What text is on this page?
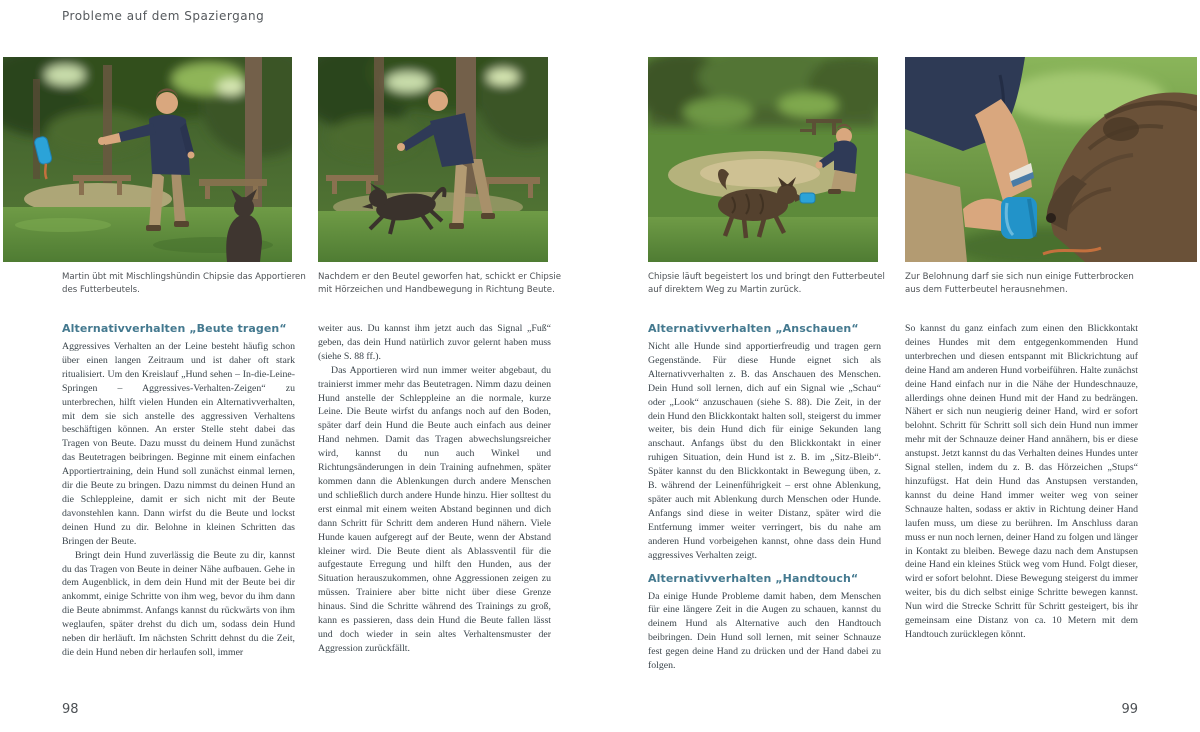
Probleme auf dem Spaziergang
Martin übt mit Mischlingshündin Chipsie das Apportieren des Futterbeutels.
Nachdem er den Beutel geworfen hat, schickt er Chipsie mit Hörzeichen und Handbewegung in Richtung Beute.
Chipsie läuft begeistert los und bringt den Futterbeutel auf direktem Weg zu Martin zurück.
Zur Belohnung darf sie sich nun einige Futterbrocken aus dem Futterbeutel herausnehmen.
Alternativverhalten „Beute tragen“

Aggressives Verhalten an der Leine besteht häufig schon über einen langen Zeitraum und ist daher oft stark ritualisiert. Um den Kreislauf „Hund sehen – In-die-Leine-Springen – Aggressives-Verhalten-Zeigen“ zu unterbrechen, hilft vielen Hunden ein Alternativverhalten, mit dem sie sich anstelle des aggressiven Verhaltens beschäftigen können. An erster Stelle steht dabei das Tragen von Beute. Dazu musst du deinem Hund zunächst das Beutetragen beibringen. Beginne mit einem einfachen Apportiertraining, dein Hund soll zunächst einmal lernen, dir die Beute zu bringen. Dazu nimmst du deinen Hund an die Schleppleine, damit er sich nicht mit der Beute davonstehlen kann. Dann wirfst du die Beute und lockst deinen Hund zu dir. Belohne in kleinen Schritten das Bringen der Beute.

Bringt dein Hund zuverlässig die Beute zu dir, kannst du das Tragen von Beute in deiner Nähe aufbauen. Gehe in dem Augenblick, in dem dein Hund mit der Beute bei dir ankommt, einige Schritte von ihm weg, bevor du ihm dann die Beute abnimmst. Anfangs kannst du rückwärts von ihm weglaufen, später drehst du dich um, sodass dein Hund neben dir herläuft. Im nächsten Schritt dehnst du die Zeit, die dein Hund neben dir herlaufen soll, immer

weiter aus. Du kannst ihm jetzt auch das Signal „Fuß“ geben, das dein Hund natürlich zuvor gelernt haben muss (siehe S. 88 ff.).

Das Apportieren wird nun immer weiter abgebaut, du trainierst immer mehr das Beutetragen. Nimm dazu deinen Hund anstelle der Schleppleine an die normale, kurze Leine. Die Beute wirfst du anfangs noch auf den Boden, später darf dein Hund die Beute auch einfach aus deiner Hand nehmen. Damit das Tragen abwechslungsreicher wird, kannst du nun auch Winkel und Richtungsänderungen in dein Training aufnehmen, später kommen dann die Ablenkungen durch andere Menschen und schließlich durch andere Hunde hinzu. Hier solltest du erst einmal mit einem weiten Abstand beginnen und dich dann Schritt für Schritt dem anderen Hund nähern. Viele Hunde kauen aufgeregt auf der Beute, wenn der Abstand kleiner wird. Die Beute dient als Ablassventil für die aufgestaute Erregung und hilft den Hunden, aus der Situation herauszukommen, ohne Aggressionen zeigen zu müssen. Trainiere aber bitte nicht über diese Grenze hinaus. Sind die Schritte während des Trainings zu groß, kann es passieren, dass dein Hund die Beute fallen lässt und doch wieder in sein altes Verhaltensmuster der Aggression zurückfällt.

Alternativverhalten „Anschauen“

Nicht alle Hunde sind apportierfreudig und tragen gern Gegenstände. Für diese Hunde eignet sich als Alternativverhalten z. B. das Anschauen des Menschen. Dein Hund soll lernen, dich auf ein Signal wie „Schau“ oder „Look“ anzuschauen (siehe S. 88). Die Zeit, in der dein Hund den Blickkontakt halten soll, steigerst du immer weiter, bis dein Hund dich für einige Sekunden lang anschaut. Anfangs übst du den Blickkontakt in einer ruhigen Situation, dein Hund ist z. B. im „Sitz-Bleib“. Später kannst du den Blickkontakt in Bewegung üben, z. B. während der Leinenführigkeit – erst ohne Ablenkung, später auch mit Ablenkung durch Menschen oder Hunde. Anfangs sind diese in weiter Distanz, später wird die Entfernung immer weiter verringert, bis du nahe am anderen Hund vorbeigehen kannst, ohne dass dein Hund aggressives Verhalten zeigt.

Alternativverhalten „Handtouch“

Da einige Hunde Probleme damit haben, dem Menschen für eine längere Zeit in die Augen zu schauen, kannst du deinem Hund als Alternative auch den Handtouch beibringen. Dein Hund soll lernen, mit seiner Schnauze fest gegen deine Hand zu drücken und der Hand dabei zu folgen.

So kannst du ganz einfach zum einen den Blickkontakt deines Hundes mit dem entgegenkommenden Hund unterbrechen und diesen entspannt mit Blickrichtung auf deine Hand am anderen Hund vorbeiführen. Halte zunächst deine Hand einfach nur in die Nähe der Hundeschnauze, allerdings ohne deinen Hund mit der Hand zu bedrängen. Nähert er sich nun neugierig deiner Hand, wird er sofort belohnt. Schritt für Schritt soll sich dein Hund nun immer mehr mit der Schnauze deiner Hand annähern, bis er diese anstupst. Jetzt kannst du das Verhalten deines Hundes unter Signal stellen, indem du z. B. das Hörzeichen „Stups“ hinzufügst. Hat dein Hund das Anstupsen verstanden, kannst du deine Hand immer weiter weg von seiner Schnauze halten, sodass er aktiv in Richtung deiner Hand laufen muss, um diese zu berühren. Im Anschluss daran muss er nun noch lernen, deiner Hand zu folgen und länger in Kontakt zu bleiben. Bewege dazu nach dem Anstupsen deine Hand ein kleines Stück weg vom Hund. Folgt dieser, wird er sofort belohnt. Diese Bewegung steigerst du immer weiter, bis du dich selbst einige Schritte bewegen kannst. Nun wird die Strecke Schritt für Schritt gesteigert, bis ihr gemeinsam eine Distanz von ca. 10 Metern mit dem Handtouch zurücklegen könnt.

98	99
